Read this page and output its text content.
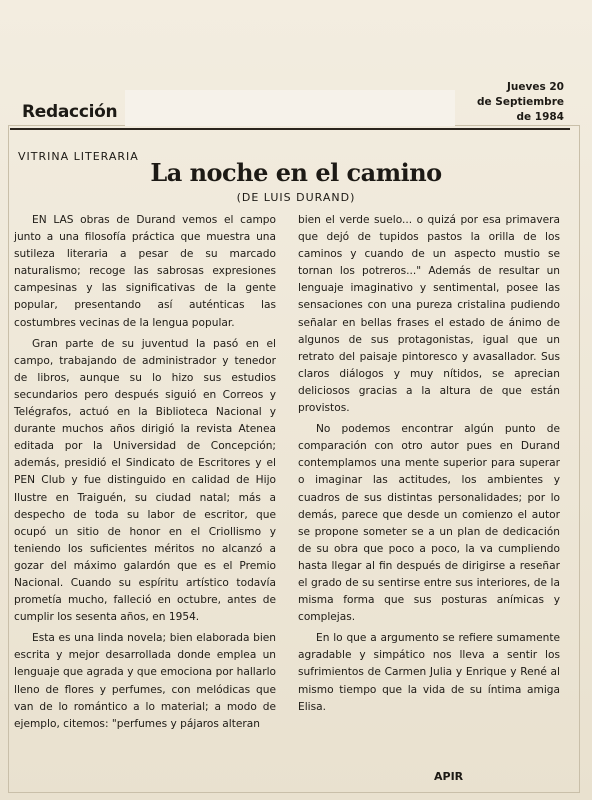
Redacción
Jueves 20
de Septiembre
de 1984
VITRINA LITERARIA
La noche en el camino
(DE LUIS DURAND)

EN LAS obras de Durand vemos el campo junto a una filosofía práctica que muestra una sutileza literaria a pesar de su marcado naturalismo; recoge las sabrosas expresiones campesinas y las significativas de la gente popular, presentando así auténticas las costumbres vecinas de la lengua popular.

Gran parte de su juventud la pasó en el campo, trabajando de administrador y tenedor de libros, aunque su lo hizo sus estudios secundarios pero después siguió en Correos y Telégrafos, actuó en la Biblioteca Nacional y durante muchos años dirigió la revista Atenea editada por la Universidad de Concepción; además, presidió el Sindicato de Escritores y el PEN Club y fue distinguido en calidad de Hijo Ilustre en Traiguén, su ciudad natal; más a despecho de toda su labor de escritor, que ocupó un sitio de honor en el Criollismo y teniendo los suficientes méritos no alcanzó a gozar del máximo galardón que es el Premio Nacional. Cuando su espíritu artístico todavía prometía mucho, falleció en octubre, antes de cumplir los sesenta años, en 1954.

Esta es una linda novela; bien elaborada bien escrita y mejor desarrollada donde emplea un lenguaje que agrada y que emociona por hallarlo lleno de flores y perfumes, con melódicas que van de lo romántico a lo material; a modo de ejemplo, citemos: "perfumes y pájaros alteran

bien el verde suelo... o quizá por esa primavera que dejó de tupidos pastos la orilla de los caminos y cuando de un aspecto mustio se tornan los potreros..." Además de resultar un lenguaje imaginativo y sentimental, posee las sensaciones con una pureza cristalina pudiendo señalar en bellas frases el estado de ánimo de algunos de sus protagonistas, igual que un retrato del paisaje pintoresco y avasallador. Sus claros diálogos y muy nítidos, se aprecian deliciosos gracias a la altura de que están provistos.

No podemos encontrar algún punto de comparación con otro autor pues en Durand contemplamos una mente superior para superar o imaginar las actitudes, los ambientes y cuadros de sus distintas personalidades; por lo demás, parece que desde un comienzo el autor se propone someter se a un plan de dedicación de su obra que poco a poco, la va cumpliendo hasta llegar al fin después de dirigirse a reseñar el grado de su sentirse entre sus interiores, de la misma forma que sus posturas anímicas y complejas.

En lo que a argumento se refiere sumamente agradable y simpático nos lleva a sentir los sufrimientos de Carmen Julia y Enrique y René al mismo tiempo que la vida de su íntima amiga Elisa.

APIR
